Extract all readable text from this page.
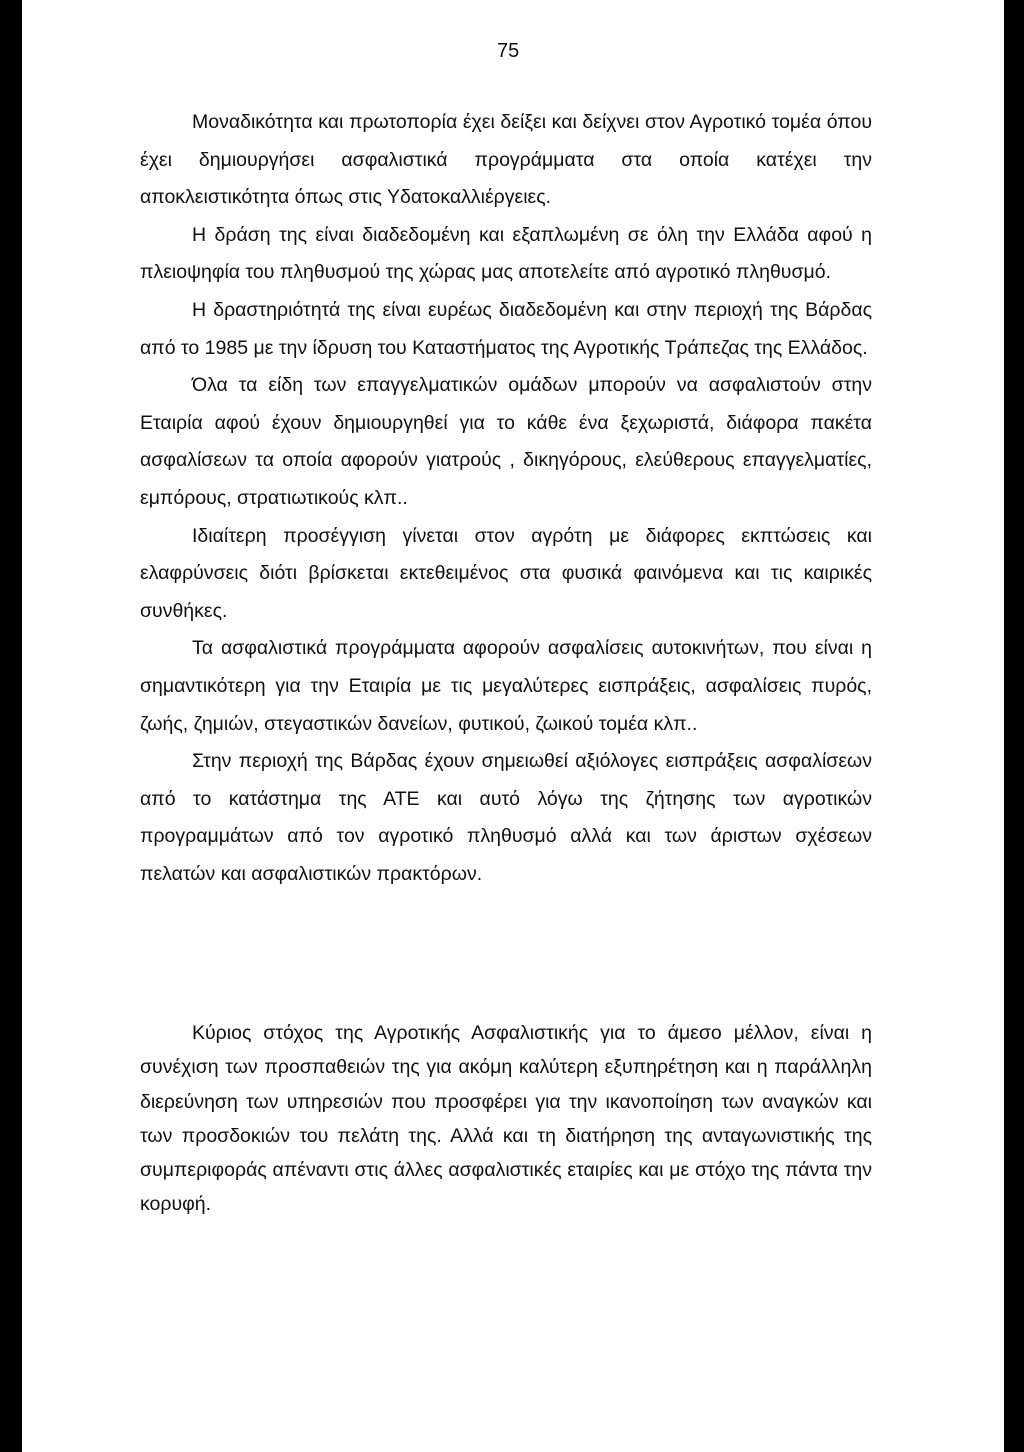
75

Μοναδικότητα και πρωτοπορία έχει δείξει και δείχνει στον Αγροτικό τομέα όπου έχει δημιουργήσει ασφαλιστικά προγράμματα στα οποία κατέχει την αποκλειστικότητα όπως στις Υδατοκαλλιέργειες.

Η δράση της είναι διαδεδομένη και εξαπλωμένη σε όλη την Ελλάδα αφού η πλειοψηφία του πληθυσμού της χώρας μας αποτελείτε από αγροτικό πληθυσμό.

Η δραστηριότητά της είναι ευρέως διαδεδομένη και στην περιοχή της Βάρδας από το 1985 με την ίδρυση του Καταστήματος της Αγροτικής Τράπεζας της Ελλάδος.

Όλα τα είδη των επαγγελματικών ομάδων μπορούν να ασφαλιστούν στην Εταιρία αφού έχουν δημιουργηθεί για το κάθε ένα ξεχωριστά, διάφορα πακέτα ασφαλίσεων τα οποία αφορούν γιατρούς , δικηγόρους, ελεύθερους επαγγελματίες, εμπόρους, στρατιωτικούς κλπ..

Ιδιαίτερη προσέγγιση γίνεται στον αγρότη με διάφορες εκπτώσεις και ελαφρύνσεις διότι βρίσκεται εκτεθειμένος στα φυσικά φαινόμενα και τις καιρικές συνθήκες.

Τα ασφαλιστικά προγράμματα αφορούν ασφαλίσεις αυτοκινήτων, που είναι η σημαντικότερη για την Εταιρία με τις μεγαλύτερες εισπράξεις, ασφαλίσεις πυρός, ζωής, ζημιών, στεγαστικών δανείων, φυτικού, ζωικού τομέα κλπ..

Στην περιοχή της Βάρδας έχουν σημειωθεί αξιόλογες εισπράξεις ασφαλίσεων από το κατάστημα της ΑΤΕ και αυτό λόγω της ζήτησης των αγροτικών προγραμμάτων από τον αγροτικό πληθυσμό αλλά και των άριστων σχέσεων πελατών και ασφαλιστικών πρακτόρων.

Κύριος στόχος της Αγροτικής Ασφαλιστικής για το άμεσο μέλλον, είναι η συνέχιση των προσπαθειών της για ακόμη καλύτερη εξυπηρέτηση και η παράλληλη διερεύνηση των υπηρεσιών που προσφέρει για την ικανοποίηση των αναγκών και των προσδοκιών του πελάτη της. Αλλά και τη διατήρηση της ανταγωνιστικής της συμπεριφοράς απέναντι στις άλλες ασφαλιστικές εταιρίες και με στόχο της πάντα την κορυφή.
